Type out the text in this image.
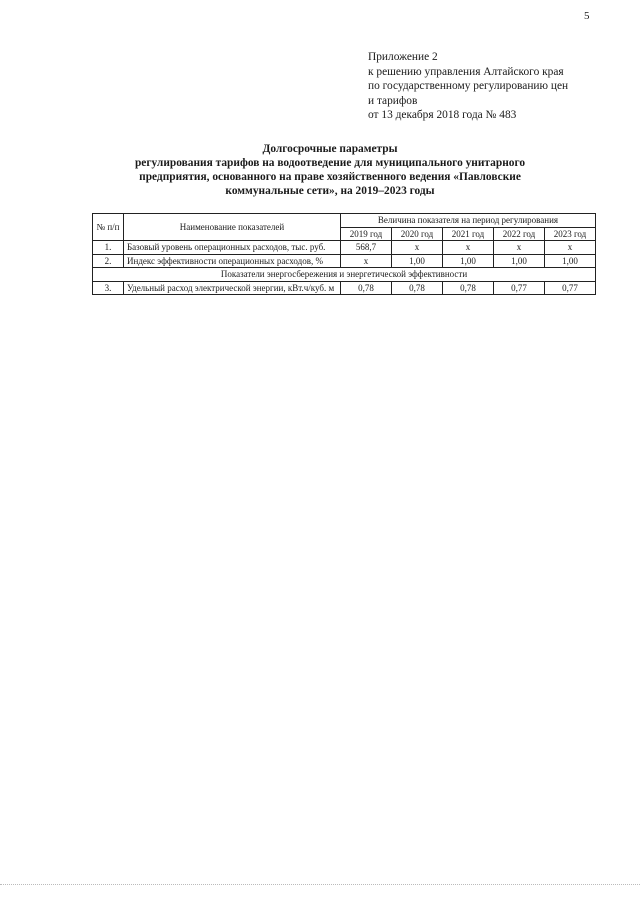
5
Приложение 2
к решению управления Алтайского края
по государственному регулированию цен
и тарифов
от 13 декабря 2018 года № 483
Долгосрочные параметры
регулирования тарифов на водоотведение для муниципального унитарного
предприятия, основанного на праве хозяйственного ведения «Павловские
коммунальные сети», на 2019–2023 годы
№ п/п	Наименование показателей	Величина показателя на период регулирования				
		2019 год	2020 год	2021 год	2022 год	2023 год
1.	Базовый уровень операционных расходов, тыс. руб.	568,7	x	x	x	x
2.	Индекс эффективности операционных расходов, %	x	1,00	1,00	1,00	1,00
Показатели энергосбережения и энергетической эффективности						
3.	Удельный расход электрической энергии, кВт.ч/куб. м	0,78	0,78	0,78	0,77	0,77
